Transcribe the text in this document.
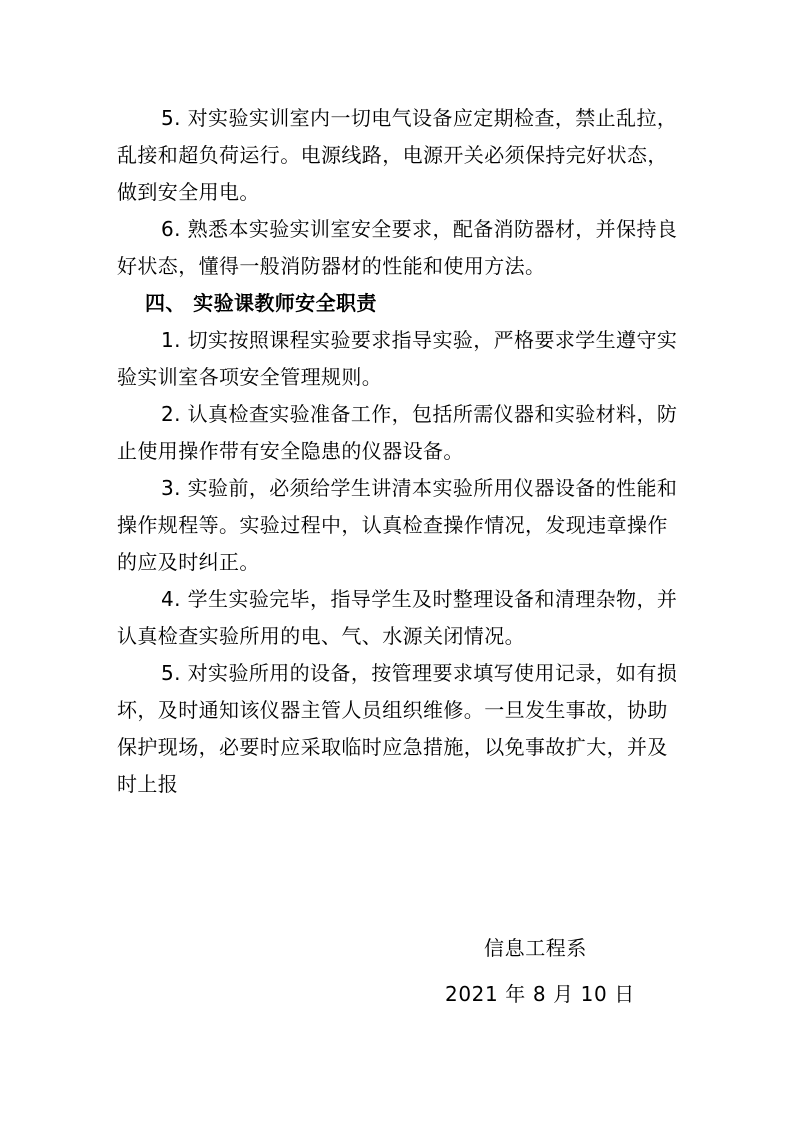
5. 对实验实训室内一切电气设备应定期检查，禁止乱拉，乱接和超负荷运行。电源线路，电源开关必须保持完好状态，做到安全用电。

6. 熟悉本实验实训室安全要求，配备消防器材，并保持良好状态，懂得一般消防器材的性能和使用方法。

四、 实验课教师安全职责

1. 切实按照课程实验要求指导实验，严格要求学生遵守实验实训室各项安全管理规则。

2. 认真检查实验准备工作，包括所需仪器和实验材料，防止使用操作带有安全隐患的仪器设备。

3. 实验前，必须给学生讲清本实验所用仪器设备的性能和操作规程等。实验过程中，认真检查操作情况，发现违章操作的应及时纠正。

4. 学生实验完毕，指导学生及时整理设备和清理杂物，并认真检查实验所用的电、气、水源关闭情况。

5. 对实验所用的设备，按管理要求填写使用记录，如有损坏，及时通知该仪器主管人员组织维修。一旦发生事故，协助保护现场，必要时应采取临时应急措施，以免事故扩大，并及时上报

信息工程系
2021 年 8 月 10 日
